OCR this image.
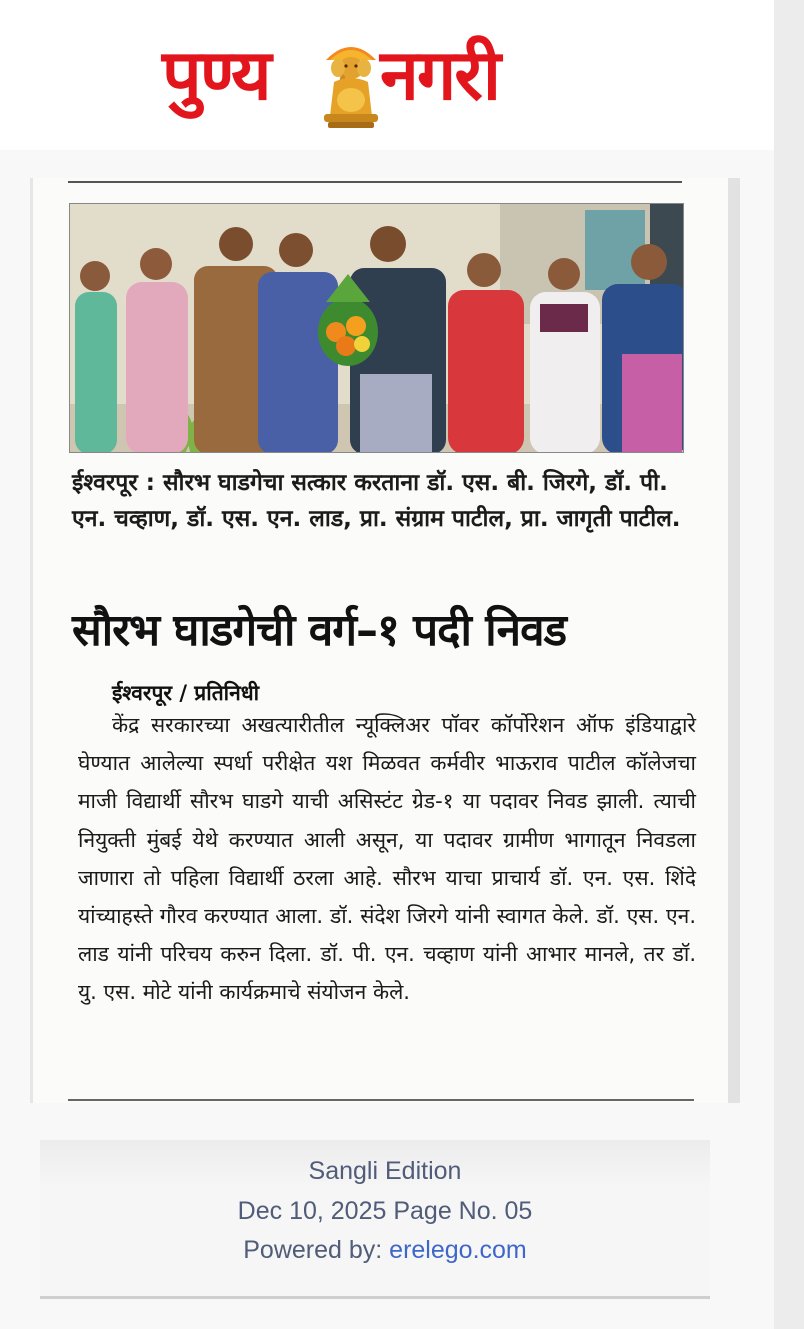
पुण्य नगरी
ईश्वरपूर : सौरभ घाडगेचा सत्कार करताना डॉ. एस. बी. जिरगे, डॉ. पी. एन. चव्हाण, डॉ. एस. एन. लाड, प्रा. संग्राम पाटील, प्रा. जागृती पाटील.
सौरभ घाडगेची वर्ग–१ पदी निवड
ईश्वरपूर / प्रतिनिधी
केंद्र सरकारच्या अखत्यारीतील न्यूक्लिअर पॉवर कॉर्पोरेशन ऑफ इंडियाद्वारे घेण्यात आलेल्या स्पर्धा परीक्षेत यश मिळवत कर्मवीर भाऊराव पाटील कॉलेजचा माजी विद्यार्थी सौरभ घाडगे याची असिस्टंट ग्रेड-१ या पदावर निवड झाली. त्याची नियुक्ती मुंबई येथे करण्यात आली असून, या पदावर ग्रामीण भागातून निवडला जाणारा तो पहिला विद्यार्थी ठरला आहे. सौरभ याचा प्राचार्य डॉ. एन. एस. शिंदे यांच्याहस्ते गौरव करण्यात आला. डॉ. संदेश जिरगे यांनी स्वागत केले. डॉ. एस. एन. लाड यांनी परिचय करुन दिला. डॉ. पी. एन. चव्हाण यांनी आभार मानले, तर डॉ. यु. एस. मोटे यांनी कार्यक्रमाचे संयोजन केले.
Sangli Edition
Dec 10, 2025 Page No. 05
Powered by: erelego.com
